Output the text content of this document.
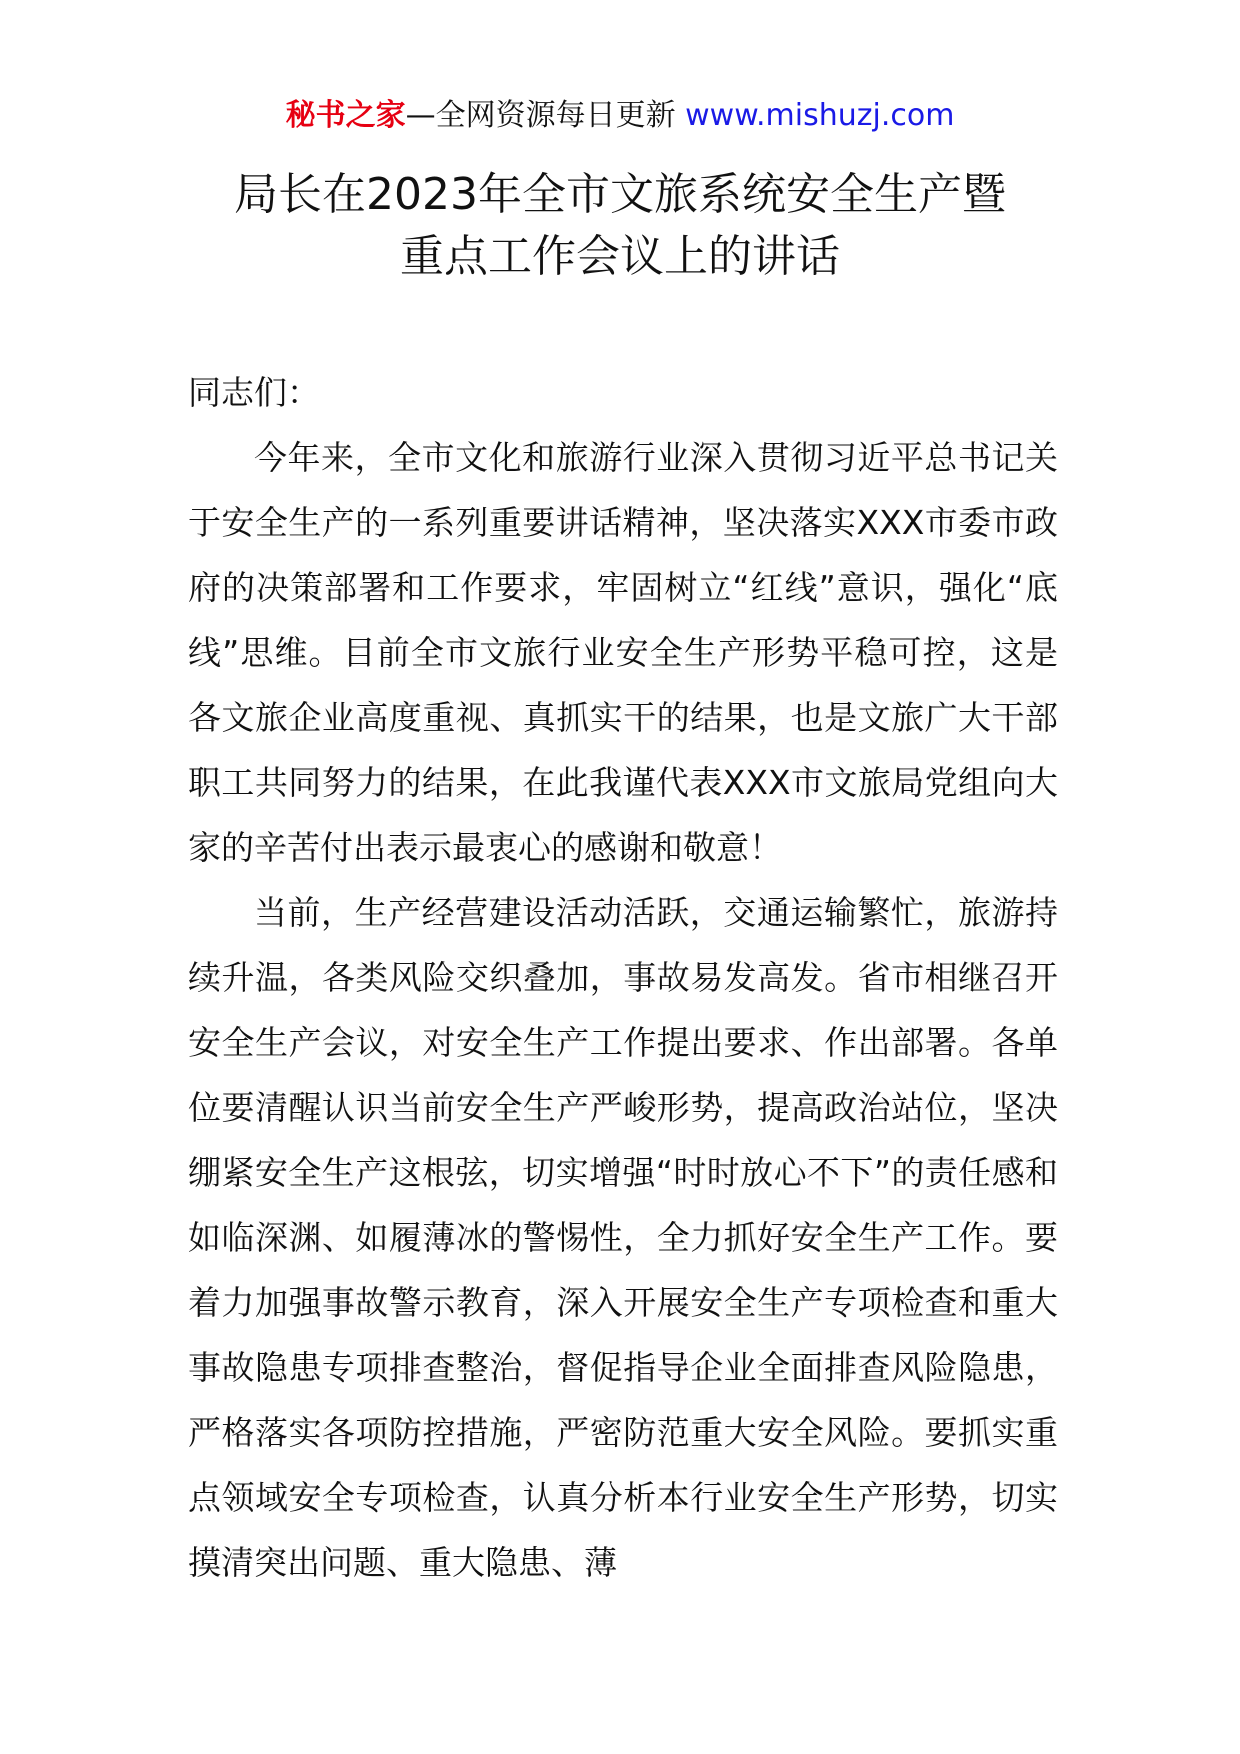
秘书之家—全网资源每日更新 www.mishuzj.com
局长在2023年全市文旅系统安全生产暨
重点工作会议上的讲话

同志们：

今年来，全市文化和旅游行业深入贯彻习近平总书记关于安全生产的一系列重要讲话精神，坚决落实XXX市委市政府的决策部署和工作要求，牢固树立“红线”意识，强化“底线”思维。目前全市文旅行业安全生产形势平稳可控，这是各文旅企业高度重视、真抓实干的结果，也是文旅广大干部职工共同努力的结果，在此我谨代表XXX市文旅局党组向大家的辛苦付出表示最衷心的感谢和敬意！

当前，生产经营建设活动活跃，交通运输繁忙，旅游持续升温，各类风险交织叠加，事故易发高发。省市相继召开安全生产会议，对安全生产工作提出要求、作出部署。各单位要清醒认识当前安全生产严峻形势，提高政治站位，坚决绷紧安全生产这根弦，切实增强“时时放心不下”的责任感和如临深渊、如履薄冰的警惕性，全力抓好安全生产工作。要着力加强事故警示教育，深入开展安全生产专项检查和重大事故隐患专项排查整治，督促指导企业全面排查风险隐患，严格落实各项防控措施，严密防范重大安全风险。要抓实重点领域安全专项检查，认真分析本行业安全生产形势，切实摸清突出问题、重大隐患、薄
